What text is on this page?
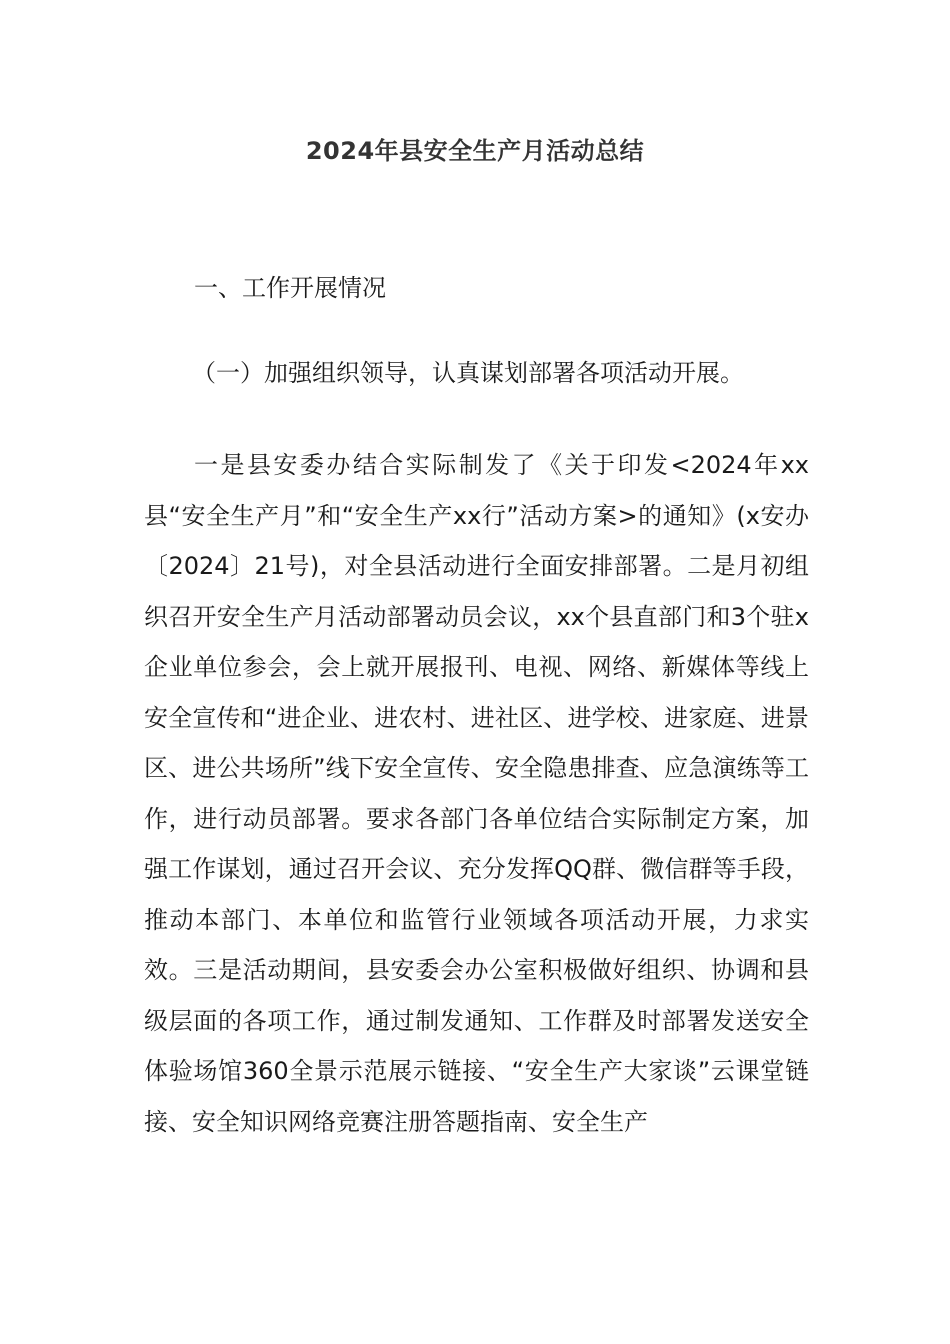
2024年县安全生产月活动总结
一、工作开展情况
（一）加强组织领导，认真谋划部署各项活动开展。

一是县安委办结合实际制发了《关于印发<2024年xx县“安全生产月”和“安全生产xx行”活动方案>的通知》(x安办〔2024〕21号)，对全县活动进行全面安排部署。二是月初组织召开安全生产月活动部署动员会议，xx个县直部门和3个驻x企业单位参会，会上就开展报刊、电视、网络、新媒体等线上安全宣传和“进企业、进农村、进社区、进学校、进家庭、进景区、进公共场所”线下安全宣传、安全隐患排查、应急演练等工作，进行动员部署。要求各部门各单位结合实际制定方案，加强工作谋划，通过召开会议、充分发挥QQ群、微信群等手段，推动本部门、本单位和监管行业领域各项活动开展，力求实效。三是活动期间，县安委会办公室积极做好组织、协调和县级层面的各项工作，通过制发通知、工作群及时部署发送安全体验场馆360全景示范展示链接、“安全生产大家谈”云课堂链接、安全知识网络竞赛注册答题指南、安全生产
